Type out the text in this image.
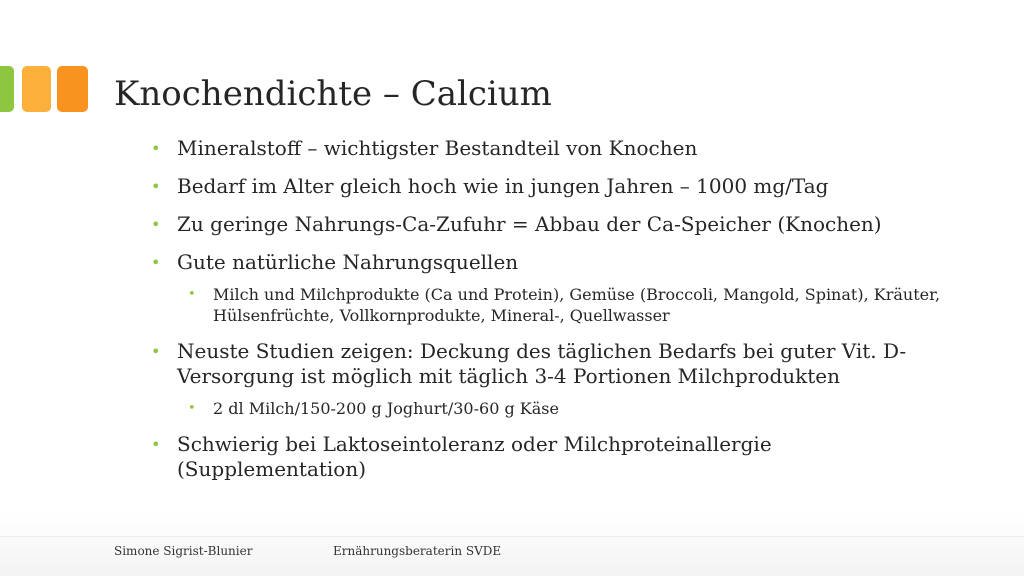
Knochendichte – Calcium
• Mineralstoff – wichtigster Bestandteil von Knochen
• Bedarf im Alter gleich hoch wie in jungen Jahren – 1000 mg/Tag
• Zu geringe Nahrungs-Ca-Zufuhr = Abbau der Ca-Speicher (Knochen)
• Gute natürliche Nahrungsquellen
• Milch und Milchprodukte (Ca und Protein), Gemüse (Broccoli, Mangold, Spinat), Kräuter, Hülsenfrüchte, Vollkornprodukte, Mineral-, Quellwasser
• Neuste Studien zeigen: Deckung des täglichen Bedarfs bei guter Vit. D-Versorgung ist möglich mit täglich 3-4 Portionen Milchprodukten
• 2 dl Milch/150-200 g Joghurt/30-60 g Käse
• Schwierig bei Laktoseintoleranz oder Milchproteinallergie (Supplementation)
Simone Sigrist-Blunier	Ernährungsberaterin SVDE
